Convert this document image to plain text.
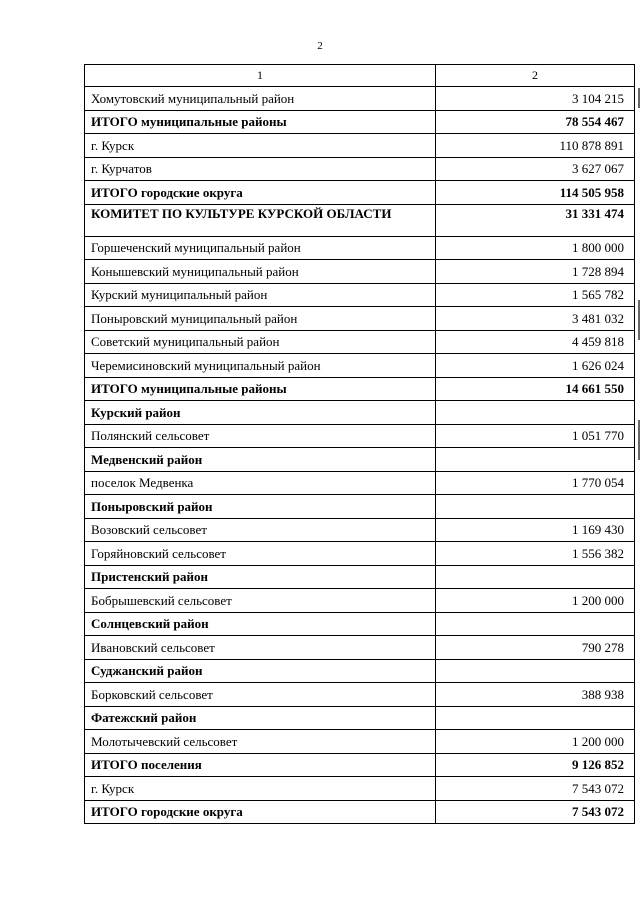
2
1	2
Хомутовский муниципальный район	3 104 215
ИТОГО муниципальные районы	78 554 467
г. Курск	110 878 891
г. Курчатов	3 627 067
ИТОГО городские округа	114 505 958
КОМИТЕТ ПО КУЛЬТУРЕ КУРСКОЙ ОБЛАСТИ	31 331 474
Горшеченский муниципальный район	1 800 000
Конышевский муниципальный район	1 728 894
Курский муниципальный район	1 565 782
Поныровский муниципальный район	3 481 032
Советский муниципальный район	4 459 818
Черемисиновский муниципальный район	1 626 024
ИТОГО муниципальные районы	14 661 550
Курский район	
Полянский сельсовет	1 051 770
Медвенский район	
поселок Медвенка	1 770 054
Поныровский район	
Возовский сельсовет	1 169 430
Горяйновский сельсовет	1 556 382
Пристенский район	
Бобрышевский сельсовет	1 200 000
Солнцевский район	
Ивановский сельсовет	790 278
Суджанский район	
Борковский сельсовет	388 938
Фатежский район	
Молотычевский сельсовет	1 200 000
ИТОГО поселения	9 126 852
г. Курск	7 543 072
ИТОГО городские округа	7 543 072
